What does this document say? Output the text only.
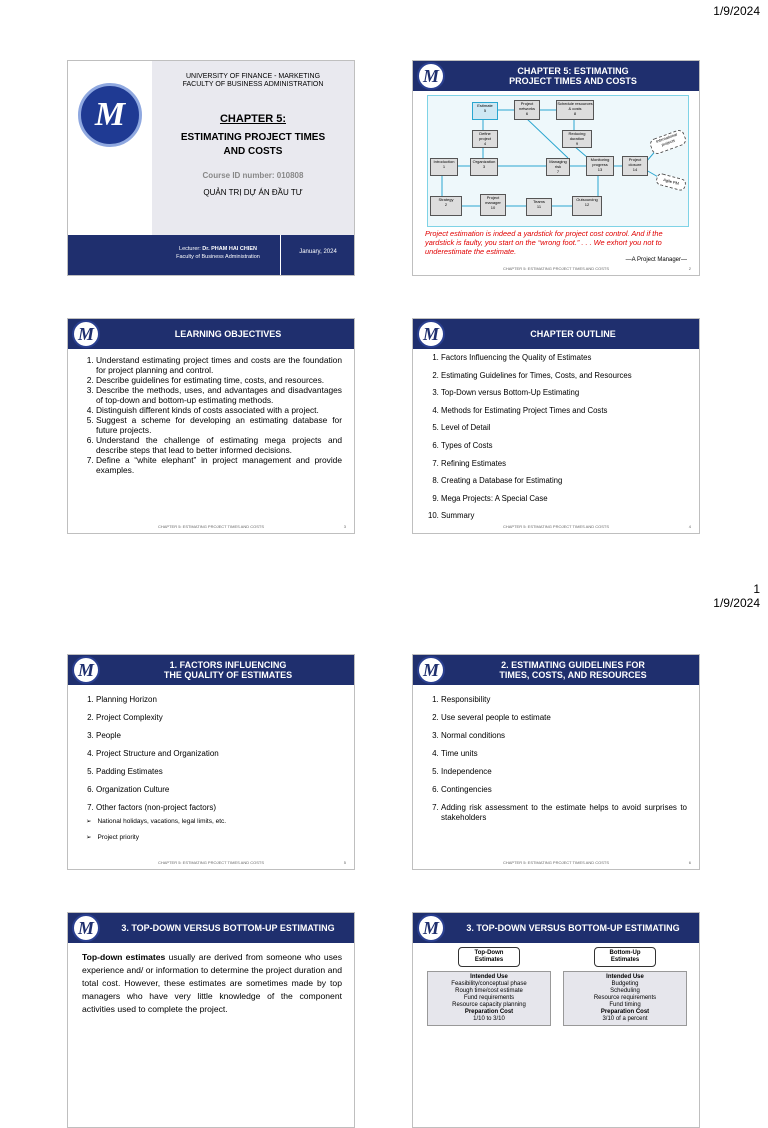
1/9/2024
1
1/9/2024
M
UNIVERSITY OF FINANCE - MARKETING
FACULTY OF BUSINESS ADMINISTRATION
CHAPTER 5:
ESTIMATING PROJECT TIMES
AND COSTS
Course ID number: 010808
QUẢN TRỊ DỰ ÁN ĐẦU TƯ
Lecturer: Dr. PHAM HAI CHIEN
Faculty of Business Administration
January, 2024
CHAPTER 5: ESTIMATING
PROJECT TIMES AND COSTS
M
Estimate
5
Project networks
6
Schedule resources & costs
8
Define project
4
Reducing duration
9
Introduction
1
Organization
3
Managing risk
7
Monitoring progress
13
Project closure
14
Strategy
2
Project manager
10
Teams
11
Outsourcing
12
International projects
Agile PM
Project estimation is indeed a yardstick for project cost control. And if the yardstick is faulty, you start on the “wrong foot.” . . . We exhort you not to underestimate the estimate.
—A Project Manager—
CHAPTER 5: ESTIMATING PROJECT TIMES AND COSTS	2
LEARNING OBJECTIVES
M
1. Understand estimating project times and costs are the foundation for project planning and control.
2. Describe guidelines for estimating time, costs, and resources.
3. Describe the methods, uses, and advantages and disadvantages of top-down and bottom-up estimating methods.
4. Distinguish different kinds of costs associated with a project.
5. Suggest a scheme for developing an estimating database for future projects.
6. Understand the challenge of estimating mega projects and describe steps that lead to better informed decisions.
7. Define a “white elephant” in project management and provide examples.
CHAPTER 5: ESTIMATING PROJECT TIMES AND COSTS	3
CHAPTER OUTLINE
M
1. Factors Influencing the Quality of Estimates
2. Estimating Guidelines for Times, Costs, and Resources
3. Top-Down versus Bottom-Up Estimating
4. Methods for Estimating Project Times and Costs
5. Level of Detail
6. Types of Costs
7. Refining Estimates
8. Creating a Database for Estimating
9. Mega Projects: A Special Case
10. Summary
CHAPTER 5: ESTIMATING PROJECT TIMES AND COSTS	4
1. FACTORS INFLUENCING
THE QUALITY OF ESTIMATES
M
1. Planning Horizon
2. Project Complexity
3. People
4. Project Structure and Organization
5. Padding Estimates
6. Organization Culture
7. Other factors (non-project factors)
➢ National holidays, vacations, legal limits, etc.
➢ Project priority
CHAPTER 5: ESTIMATING PROJECT TIMES AND COSTS	5
2. ESTIMATING GUIDELINES FOR
TIMES, COSTS, AND RESOURCES
M
1. Responsibility
2. Use several people to estimate
3. Normal conditions
4. Time units
5. Independence
6. Contingencies
7. Adding risk assessment to the estimate helps to avoid surprises to stakeholders
CHAPTER 5: ESTIMATING PROJECT TIMES AND COSTS	6
3. TOP-DOWN VERSUS BOTTOM-UP ESTIMATING
M
Top-down estimates usually are derived from someone who uses experience and/ or information to determine the project duration and total cost. However, these estimates are sometimes made by top managers who have very little knowledge of the component activities used to complete the project.
3. TOP-DOWN VERSUS BOTTOM-UP ESTIMATING
M
Top-Down
Estimates
Intended Use
Feasibility/conceptual phase
Rough time/cost estimate
Fund requirements
Resource capacity planning
Preparation Cost
1/10 to 3/10
Bottom-Up
Estimates
Intended Use
Budgeting
Scheduling
Resource requirements
Fund timing
Preparation Cost
3/10 of a percent
